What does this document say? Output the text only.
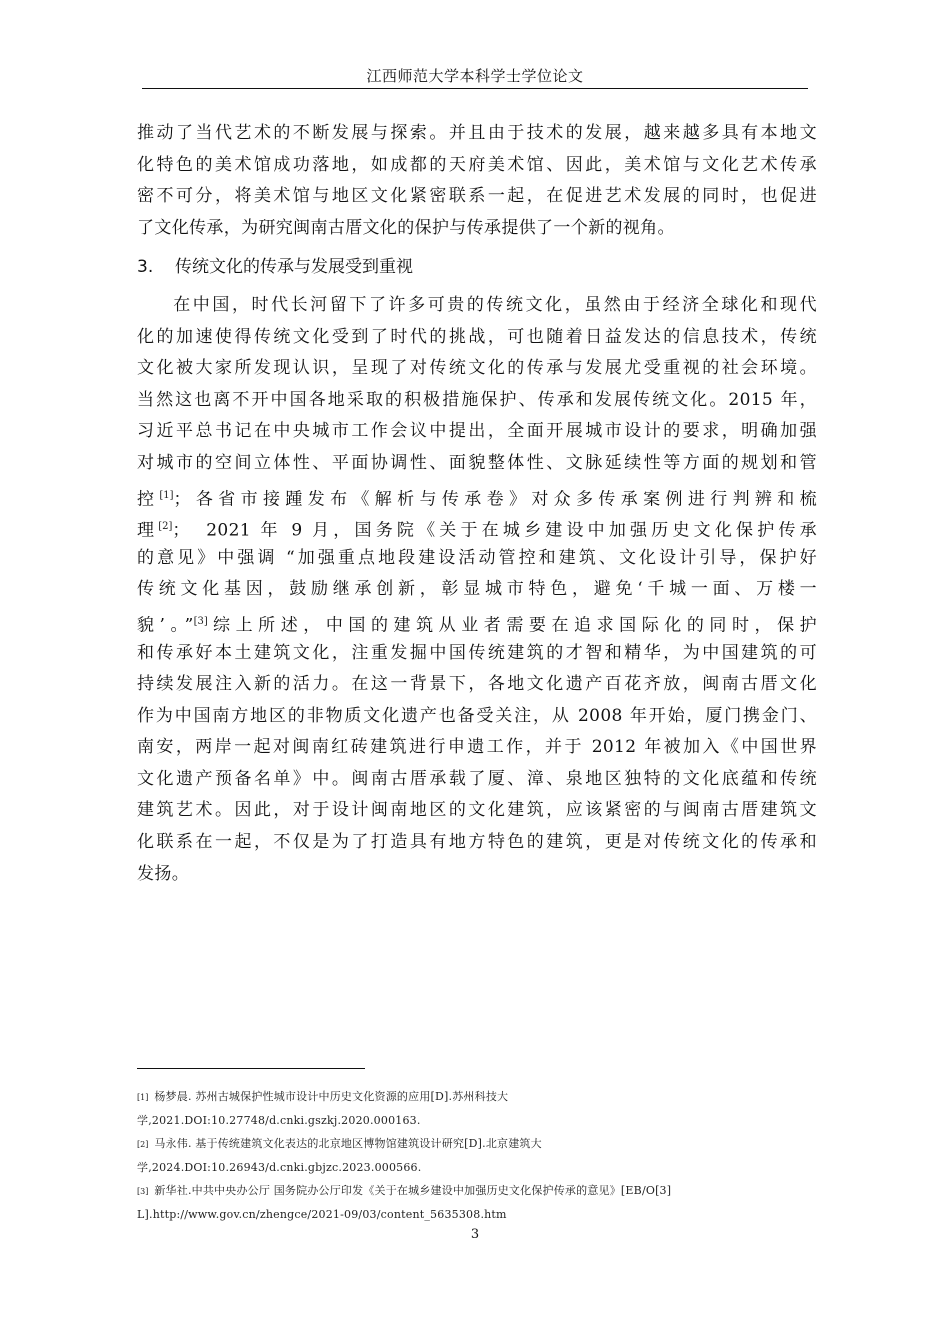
江西师范大学本科学士学位论文
推动了当代艺术的不断发展与探索。并且由于技术的发展，越来越多具有本地文
化特色的美术馆成功落地，如成都的天府美术馆、因此，美术馆与文化艺术传承
密不可分，将美术馆与地区文化紧密联系一起，在促进艺术发展的同时，也促进
了文化传承，为研究闽南古厝文化的保护与传承提供了一个新的视角。
3. 传统文化的传承与发展受到重视
在中国，时代长河留下了许多可贵的传统文化，虽然由于经济全球化和现代
化的加速使得传统文化受到了时代的挑战，可也随着日益发达的信息技术，传统
文化被大家所发现认识，呈现了对传统文化的传承与发展尤受重视的社会环境。
当然这也离不开中国各地采取的积极措施保护、传承和发展传统文化。2015 年，
习近平总书记在中央城市工作会议中提出，全面开展城市设计的要求，明确加强
对城市的空间立体性、平面协调性、面貌整体性、文脉延续性等方面的规划和管
控[1]；各省市接踵发布《解析与传承卷》对众多传承案例进行判辨和梳
理[2]；　2021 年 9 月，国务院《关于在城乡建设中加强历史文化保护传承
的意见》中强调 “加强重点地段建设活动管控和建筑、文化设计引导，保护好
传统文化基因，鼓励继承创新，彰显城市特色，避免‘千城一面、万楼一
貌’。”[3]综上所述，中国的建筑从业者需要在追求国际化的同时，保护
和传承好本土建筑文化，注重发掘中国传统建筑的才智和精华，为中国建筑的可
持续发展注入新的活力。在这一背景下，各地文化遗产百花齐放，闽南古厝文化
作为中国南方地区的非物质文化遗产也备受关注，从 2008 年开始，厦门携金门、
南安，两岸一起对闽南红砖建筑进行申遗工作，并于 2012 年被加入《中国世界
文化遗产预备名单》中。闽南古厝承载了厦、漳、泉地区独特的文化底蕴和传统
建筑艺术。因此，对于设计闽南地区的文化建筑，应该紧密的与闽南古厝建筑文
化联系在一起，不仅是为了打造具有地方特色的建筑，更是对传统文化的传承和
发扬。
[1] 杨梦晨. 苏州古城保护性城市设计中历史文化资源的应用[D].苏州科技大
学,2021.DOI:10.27748/d.cnki.gszkj.2020.000163.
[2] 马永伟. 基于传统建筑文化表达的北京地区博物馆建筑设计研究[D].北京建筑大
学,2024.DOI:10.26943/d.cnki.gbjzc.2023.000566.
[3] 新华社.中共中央办公厅 国务院办公厅印发《关于在城乡建设中加强历史文化保护传承的意见》[EB/O[3]
L].http://www.gov.cn/zhengce/2021-09/03/content_5635308.htm
3
